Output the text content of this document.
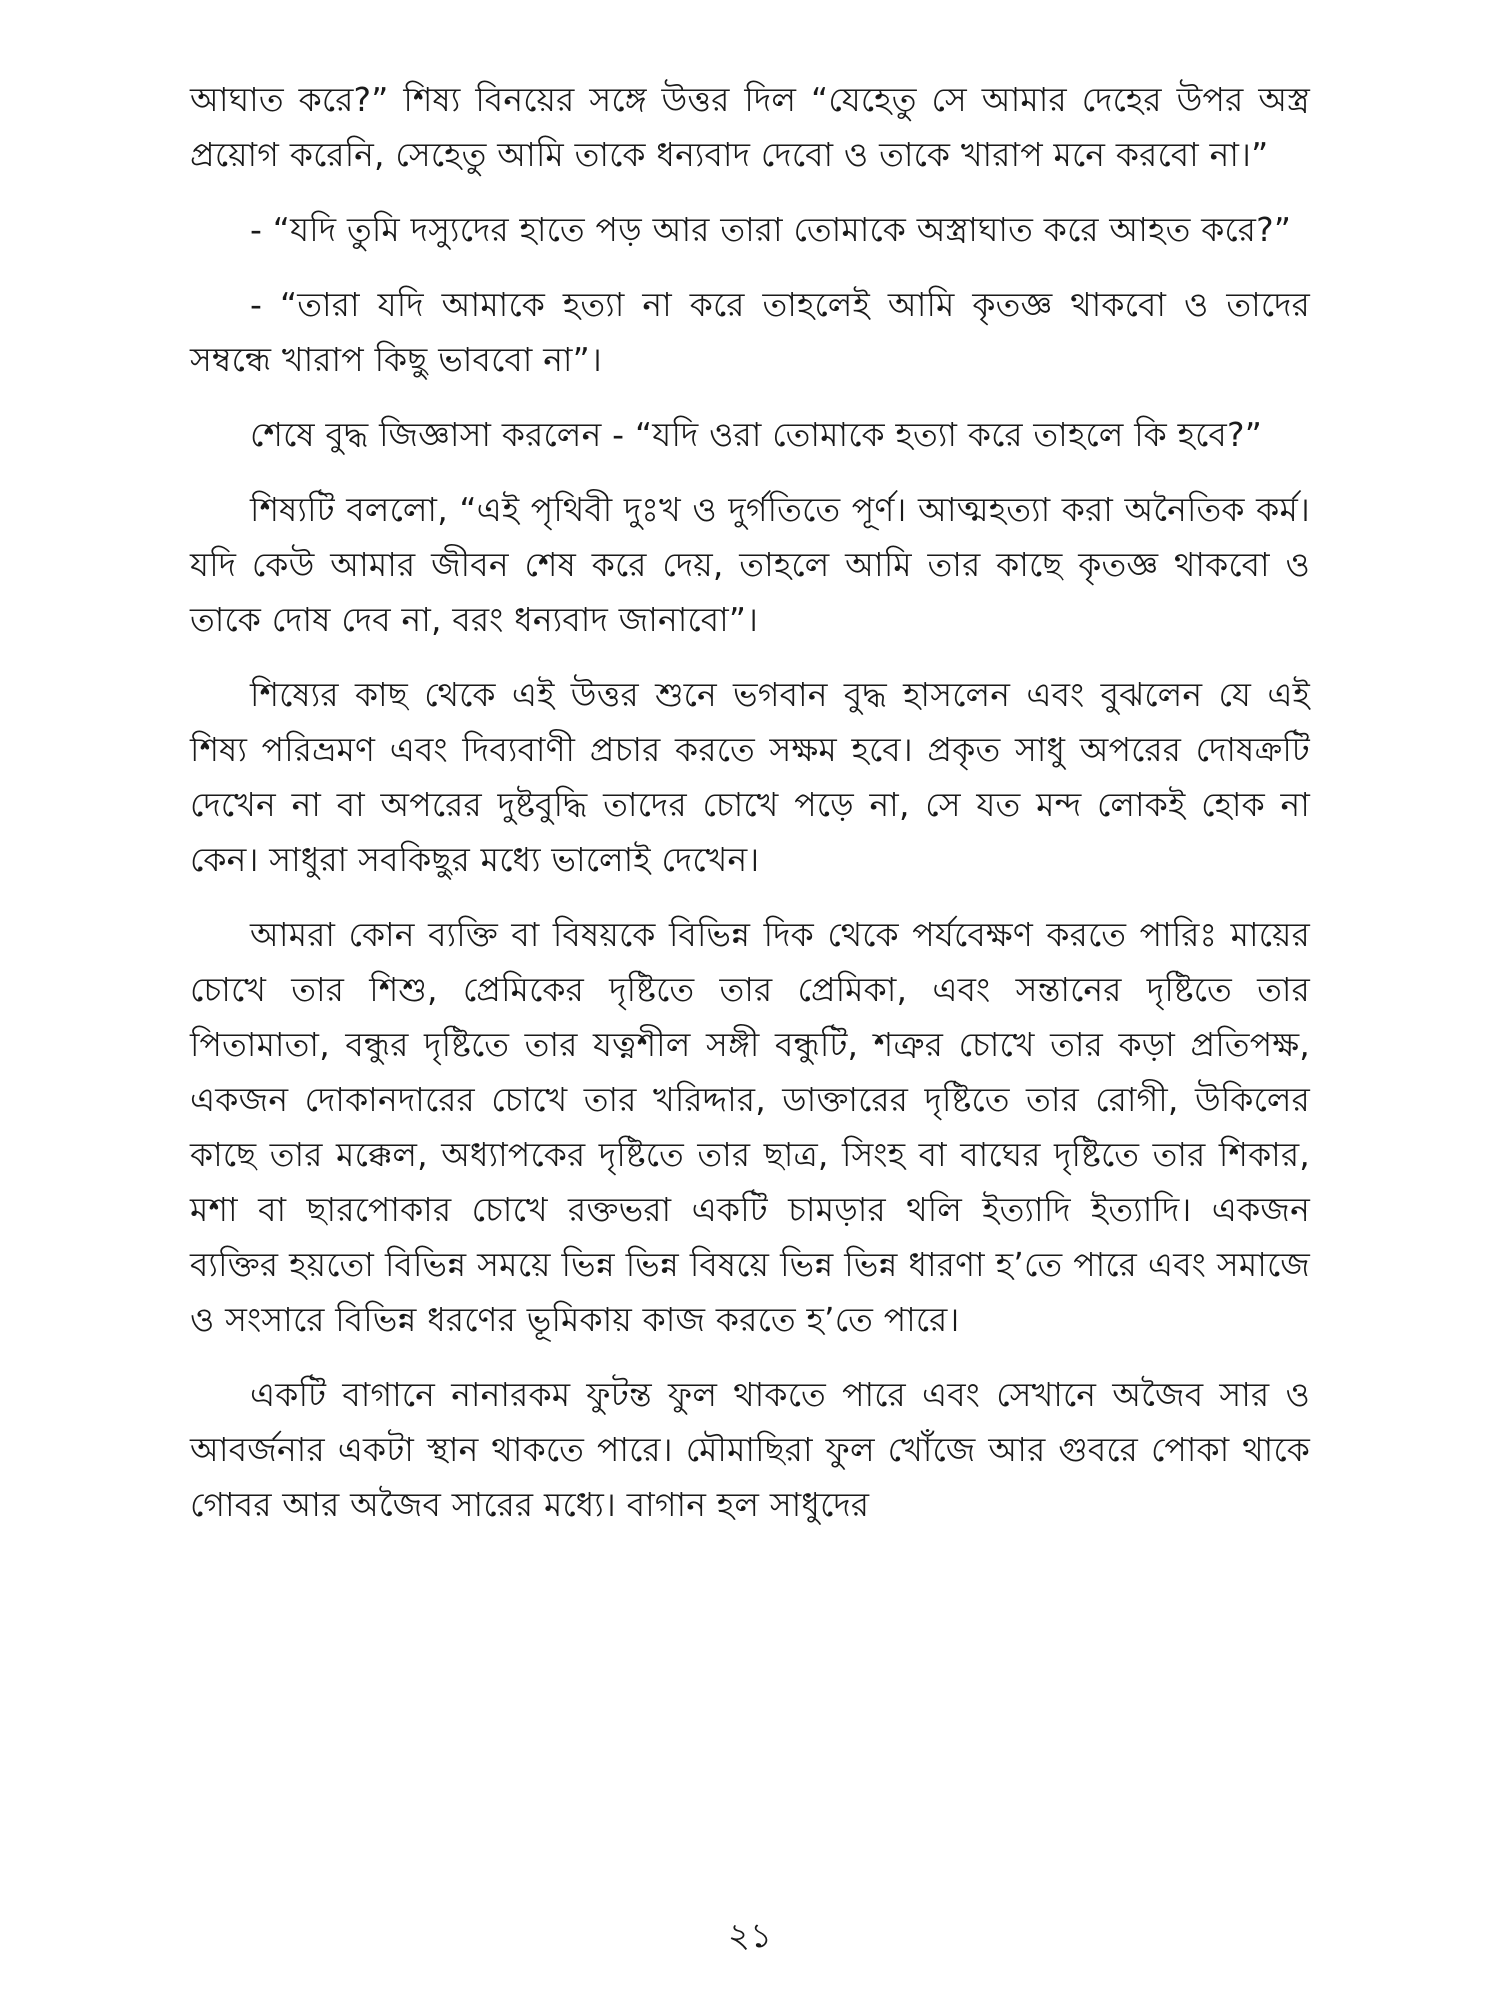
আঘাত করে?” শিষ্য বিনয়ের সঙ্গে উত্তর দিল “যেহেতু সে আমার দেহের উপর অস্ত্র প্রয়োগ করেনি, সেহেতু আমি তাকে ধন্যবাদ দেবো ও তাকে খারাপ মনে করবো না।”

- “যদি তুমি দস্যুদের হাতে পড় আর তারা তোমাকে অস্ত্রাঘাত করে আহত করে?”

- “তারা যদি আমাকে হত্যা না করে তাহলেই আমি কৃতজ্ঞ থাকবো ও তাদের সম্বন্ধে খারাপ কিছু ভাববো না”।

শেষে বুদ্ধ জিজ্ঞাসা করলেন - “যদি ওরা তোমাকে হত্যা করে তাহলে কি হবে?”

শিষ্যটি বললো, “এই পৃথিবী দুঃখ ও দুর্গতিতে পূর্ণ। আত্মহত্যা করা অনৈতিক কর্ম। যদি কেউ আমার জীবন শেষ করে দেয়, তাহলে আমি তার কাছে কৃতজ্ঞ থাকবো ও তাকে দোষ দেব না, বরং ধন্যবাদ জানাবো”।

শিষ্যের কাছ থেকে এই উত্তর শুনে ভগবান বুদ্ধ হাসলেন এবং বুঝলেন যে এই শিষ্য পরিভ্রমণ এবং দিব্যবাণী প্রচার করতে সক্ষম হবে। প্রকৃত সাধু অপরের দোষক্রটি দেখেন না বা অপরের দুষ্টবুদ্ধি তাদের চোখে পড়ে না, সে যত মন্দ লোকই হোক না কেন। সাধুরা সবকিছুর মধ্যে ভালোই দেখেন।

আমরা কোন ব্যক্তি বা বিষয়কে বিভিন্ন দিক থেকে পর্যবেক্ষণ করতে পারিঃ মায়ের চোখে তার শিশু, প্রেমিকের দৃষ্টিতে তার প্রেমিকা, এবং সন্তানের দৃষ্টিতে তার পিতামাতা, বন্ধুর দৃষ্টিতে তার যত্নশীল সঙ্গী বন্ধুটি, শত্রুর চোখে তার কড়া প্রতিপক্ষ, একজন দোকানদারের চোখে তার খরিদ্দার, ডাক্তারের দৃষ্টিতে তার রোগী, উকিলের কাছে তার মক্কেল, অধ্যাপকের দৃষ্টিতে তার ছাত্র, সিংহ বা বাঘের দৃষ্টিতে তার শিকার, মশা বা ছারপোকার চোখে রক্তভরা একটি চামড়ার থলি ইত্যাদি ইত্যাদি। একজন ব্যক্তির হয়তো বিভিন্ন সময়ে ভিন্ন ভিন্ন বিষয়ে ভিন্ন ভিন্ন ধারণা হ’তে পারে এবং সমাজে ও সংসারে বিভিন্ন ধরণের ভূমিকায় কাজ করতে হ’তে পারে।

একটি বাগানে নানারকম ফুটন্ত ফুল থাকতে পারে এবং সেখানে অজৈব সার ও আবর্জনার একটা স্থান থাকতে পারে। মৌমাছিরা ফুল খোঁজে আর গুবরে পোকা থাকে গোবর আর অজৈব সারের মধ্যে। বাগান হল সাধুদের

২১
